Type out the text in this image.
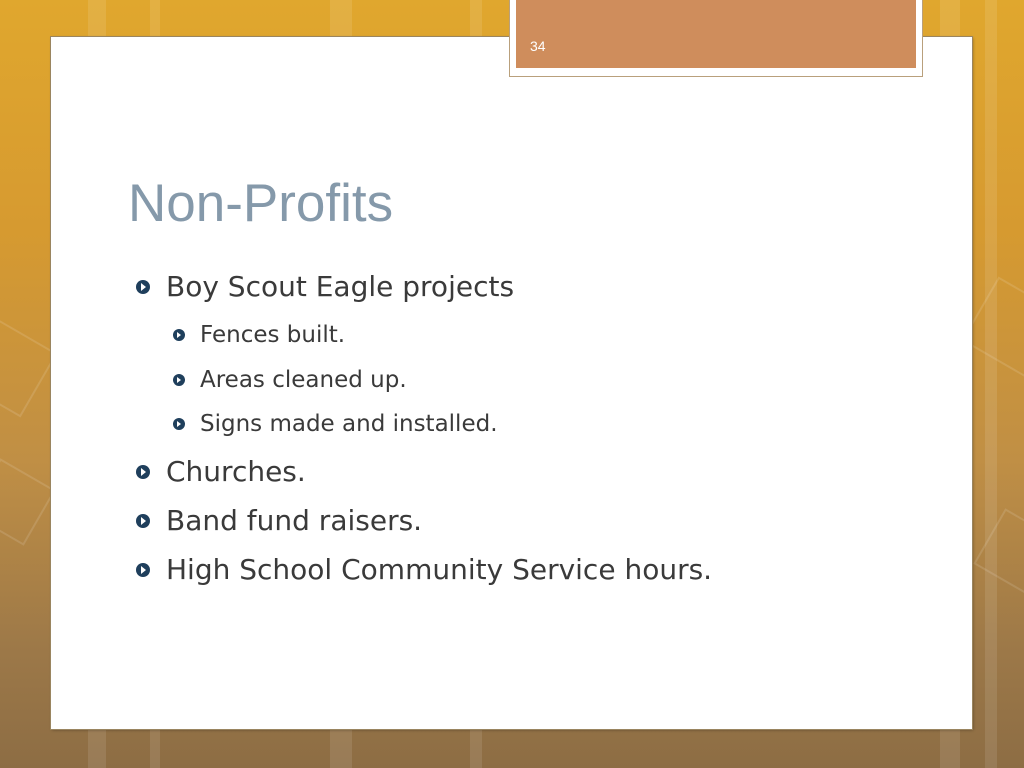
34
Non-Profits
Boy Scout Eagle projects
Fences built.
Areas cleaned up.
Signs made and installed.
Churches.
Band fund raisers.
High School Community Service hours.
